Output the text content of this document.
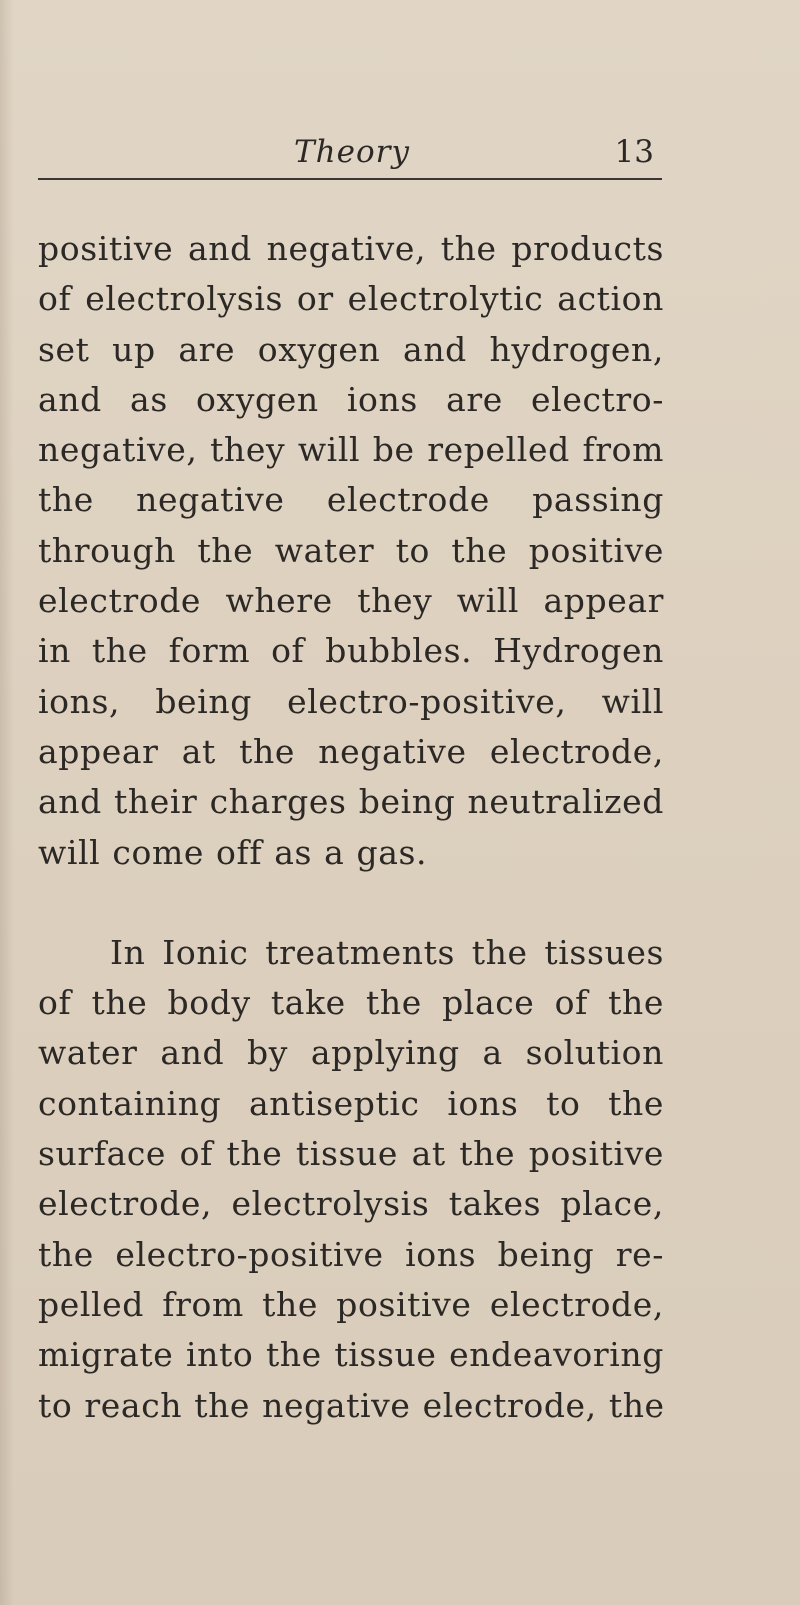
Theory	13

positive and negative, the products
of electrolysis or electrolytic action
set up are oxygen and hydrogen,
and as oxygen ions are electro-
negative, they will be repelled from
the negative electrode passing
through the water to the positive
electrode where they will appear
in the form of bubbles. Hydrogen
ions, being electro-positive, will
appear at the negative electrode,
and their charges being neutralized
will come off as a gas.

In Ionic treatments the tissues
of the body take the place of the
water and by applying a solution
containing antiseptic ions to the
surface of the tissue at the positive
electrode, electrolysis takes place,
the electro-positive ions being re-
pelled from the positive electrode,
migrate into the tissue endeavoring
to reach the negative electrode, the
